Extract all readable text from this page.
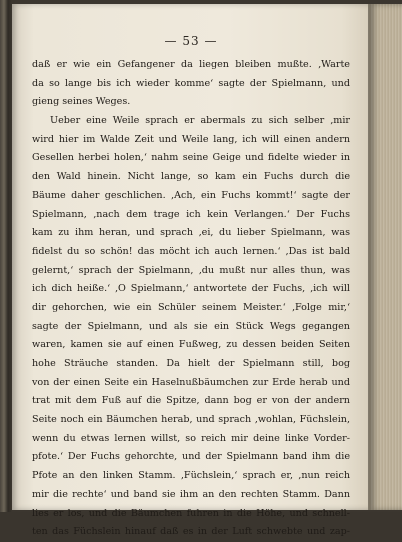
— 53 —
daß er wie ein Gefangener da liegen bleiben mußte. ‚Warte
da so lange bis ich wieder komme‘ sagte der Spielmann, und
gieng seines Weges.
Ueber eine Weile sprach er abermals zu sich selber ‚mir
wird hier im Walde Zeit und Weile lang, ich will einen andern
Gesellen herbei holen,‘ nahm seine Geige und fidelte wieder in
den Wald hinein. Nicht lange, so kam ein Fuchs durch die
Bäume daher geschlichen. ‚Ach, ein Fuchs kommt!‘ sagte der
Spielmann, ‚nach dem trage ich kein Verlangen.‘ Der Fuchs
kam zu ihm heran, und sprach ‚ei, du lieber Spielmann, was
fidelst du so schön! das möcht ich auch lernen.‘ ‚Das ist bald
gelernt,‘ sprach der Spielmann, ‚du mußt nur alles thun, was
ich dich heiße.‘ ‚O Spielmann,‘ antwortete der Fuchs, ‚ich will
dir gehorchen, wie ein Schüler seinem Meister.‘ ‚Folge mir,‘
sagte der Spielmann, und als sie ein Stück Wegs gegangen
waren, kamen sie auf einen Fußweg, zu dessen beiden Seiten
hohe Sträuche standen. Da hielt der Spielmann still, bog
von der einen Seite ein Haselnußbäumchen zur Erde herab und
trat mit dem Fuß auf die Spitze, dann bog er von der andern
Seite noch ein Bäumchen herab, und sprach ‚wohlan, Füchslein,
wenn du etwas lernen willst, so reich mir deine linke Vorder-
pfote.‘ Der Fuchs gehorchte, und der Spielmann band ihm die
Pfote an den linken Stamm. ‚Füchslein,‘ sprach er, ‚nun reich
mir die rechte‘ und band sie ihm an den rechten Stamm. Dann
lies er los, und die Bäumchen fuhren in die Höhe, und schnell-
ten das Füchslein hinauf daß es in der Luft schwebte und zap-
